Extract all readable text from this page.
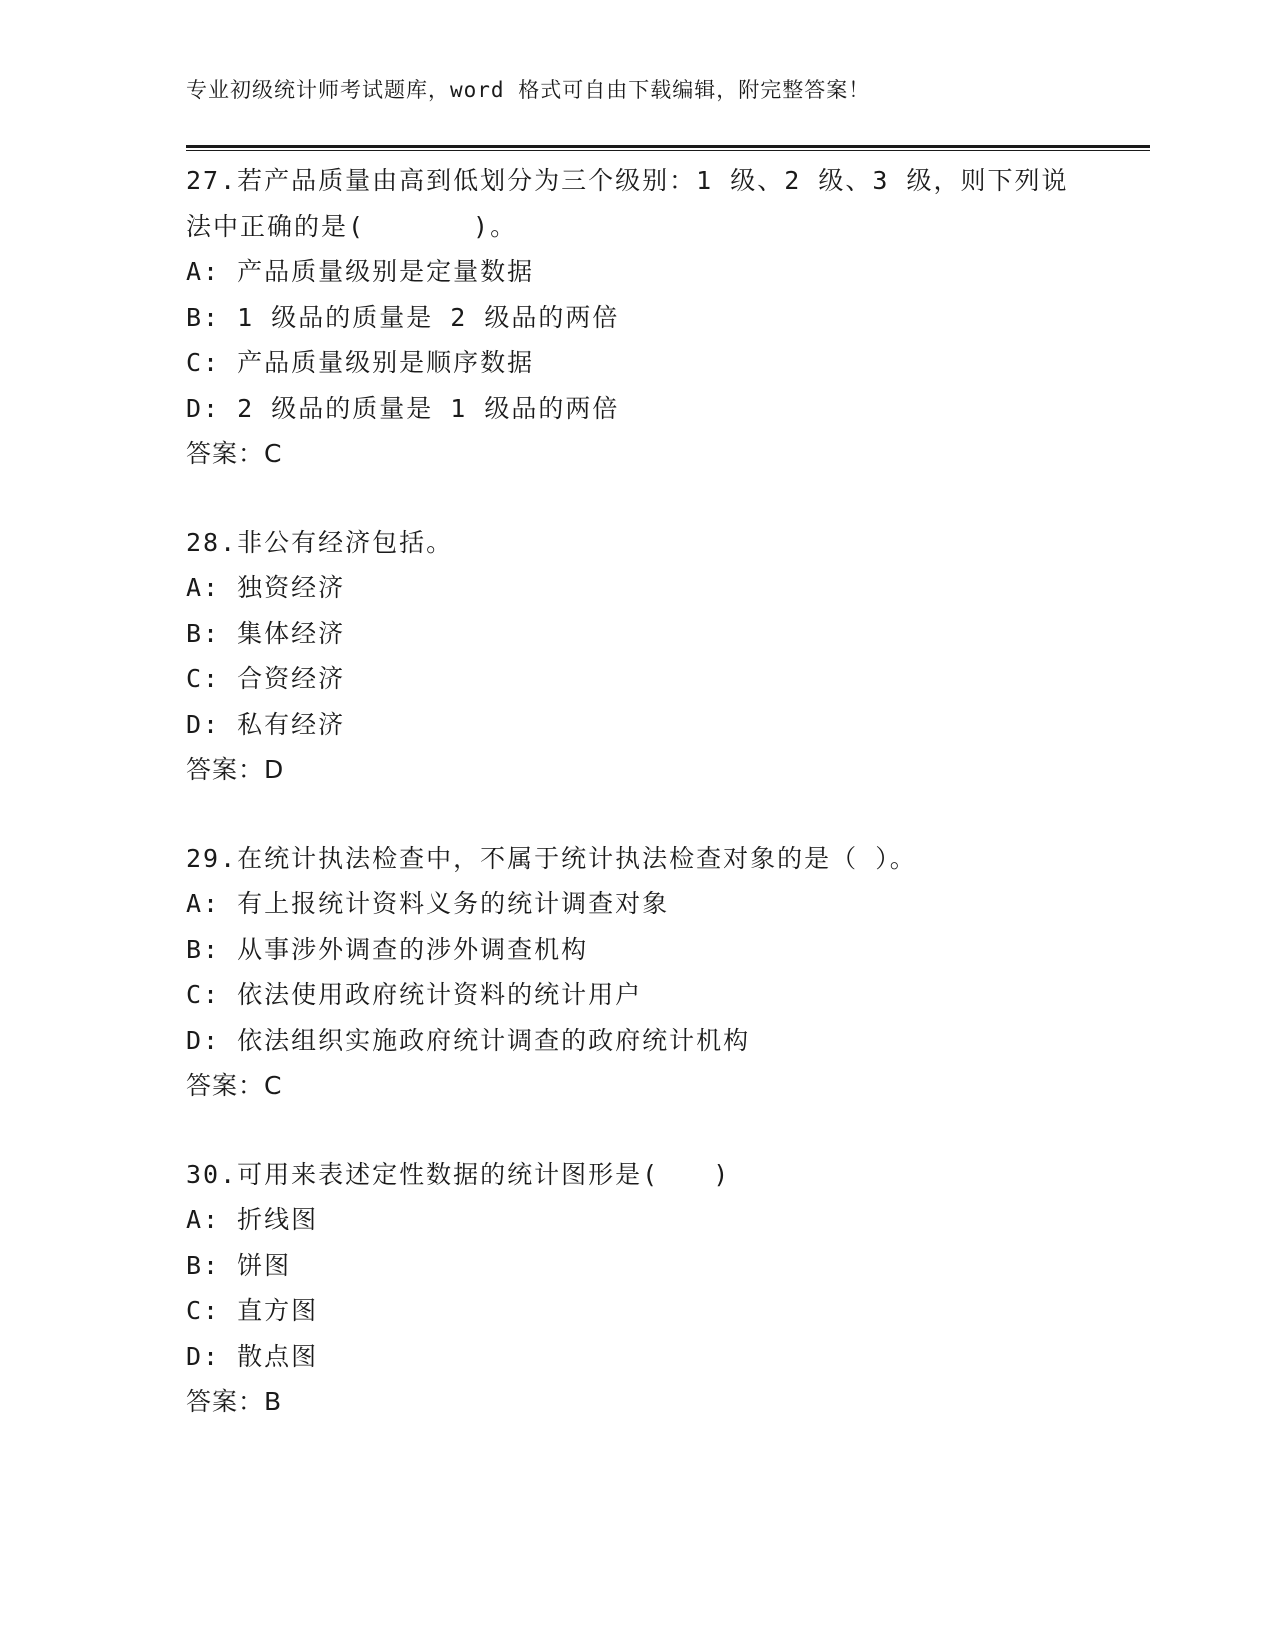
专业初级统计师考试题库，word 格式可自由下载编辑，附完整答案！
27.若产品质量由高到低划分为三个级别：1 级、2 级、3 级，则下列说
法中正确的是(　　　　)。
A: 产品质量级别是定量数据
B: 1 级品的质量是 2 级品的两倍
C: 产品质量级别是顺序数据
D: 2 级品的质量是 1 级品的两倍
答案：C
28.非公有经济包括。
A: 独资经济
B: 集体经济
C: 合资经济
D: 私有经济
答案：D
29.在统计执法检查中，不属于统计执法检查对象的是（ ）。
A: 有上报统计资料义务的统计调查对象
B: 从事涉外调查的涉外调查机构
C: 依法使用政府统计资料的统计用户
D: 依法组织实施政府统计调查的政府统计机构
答案：C
30.可用来表述定性数据的统计图形是(　　)
A: 折线图
B: 饼图
C: 直方图
D: 散点图
答案：B
